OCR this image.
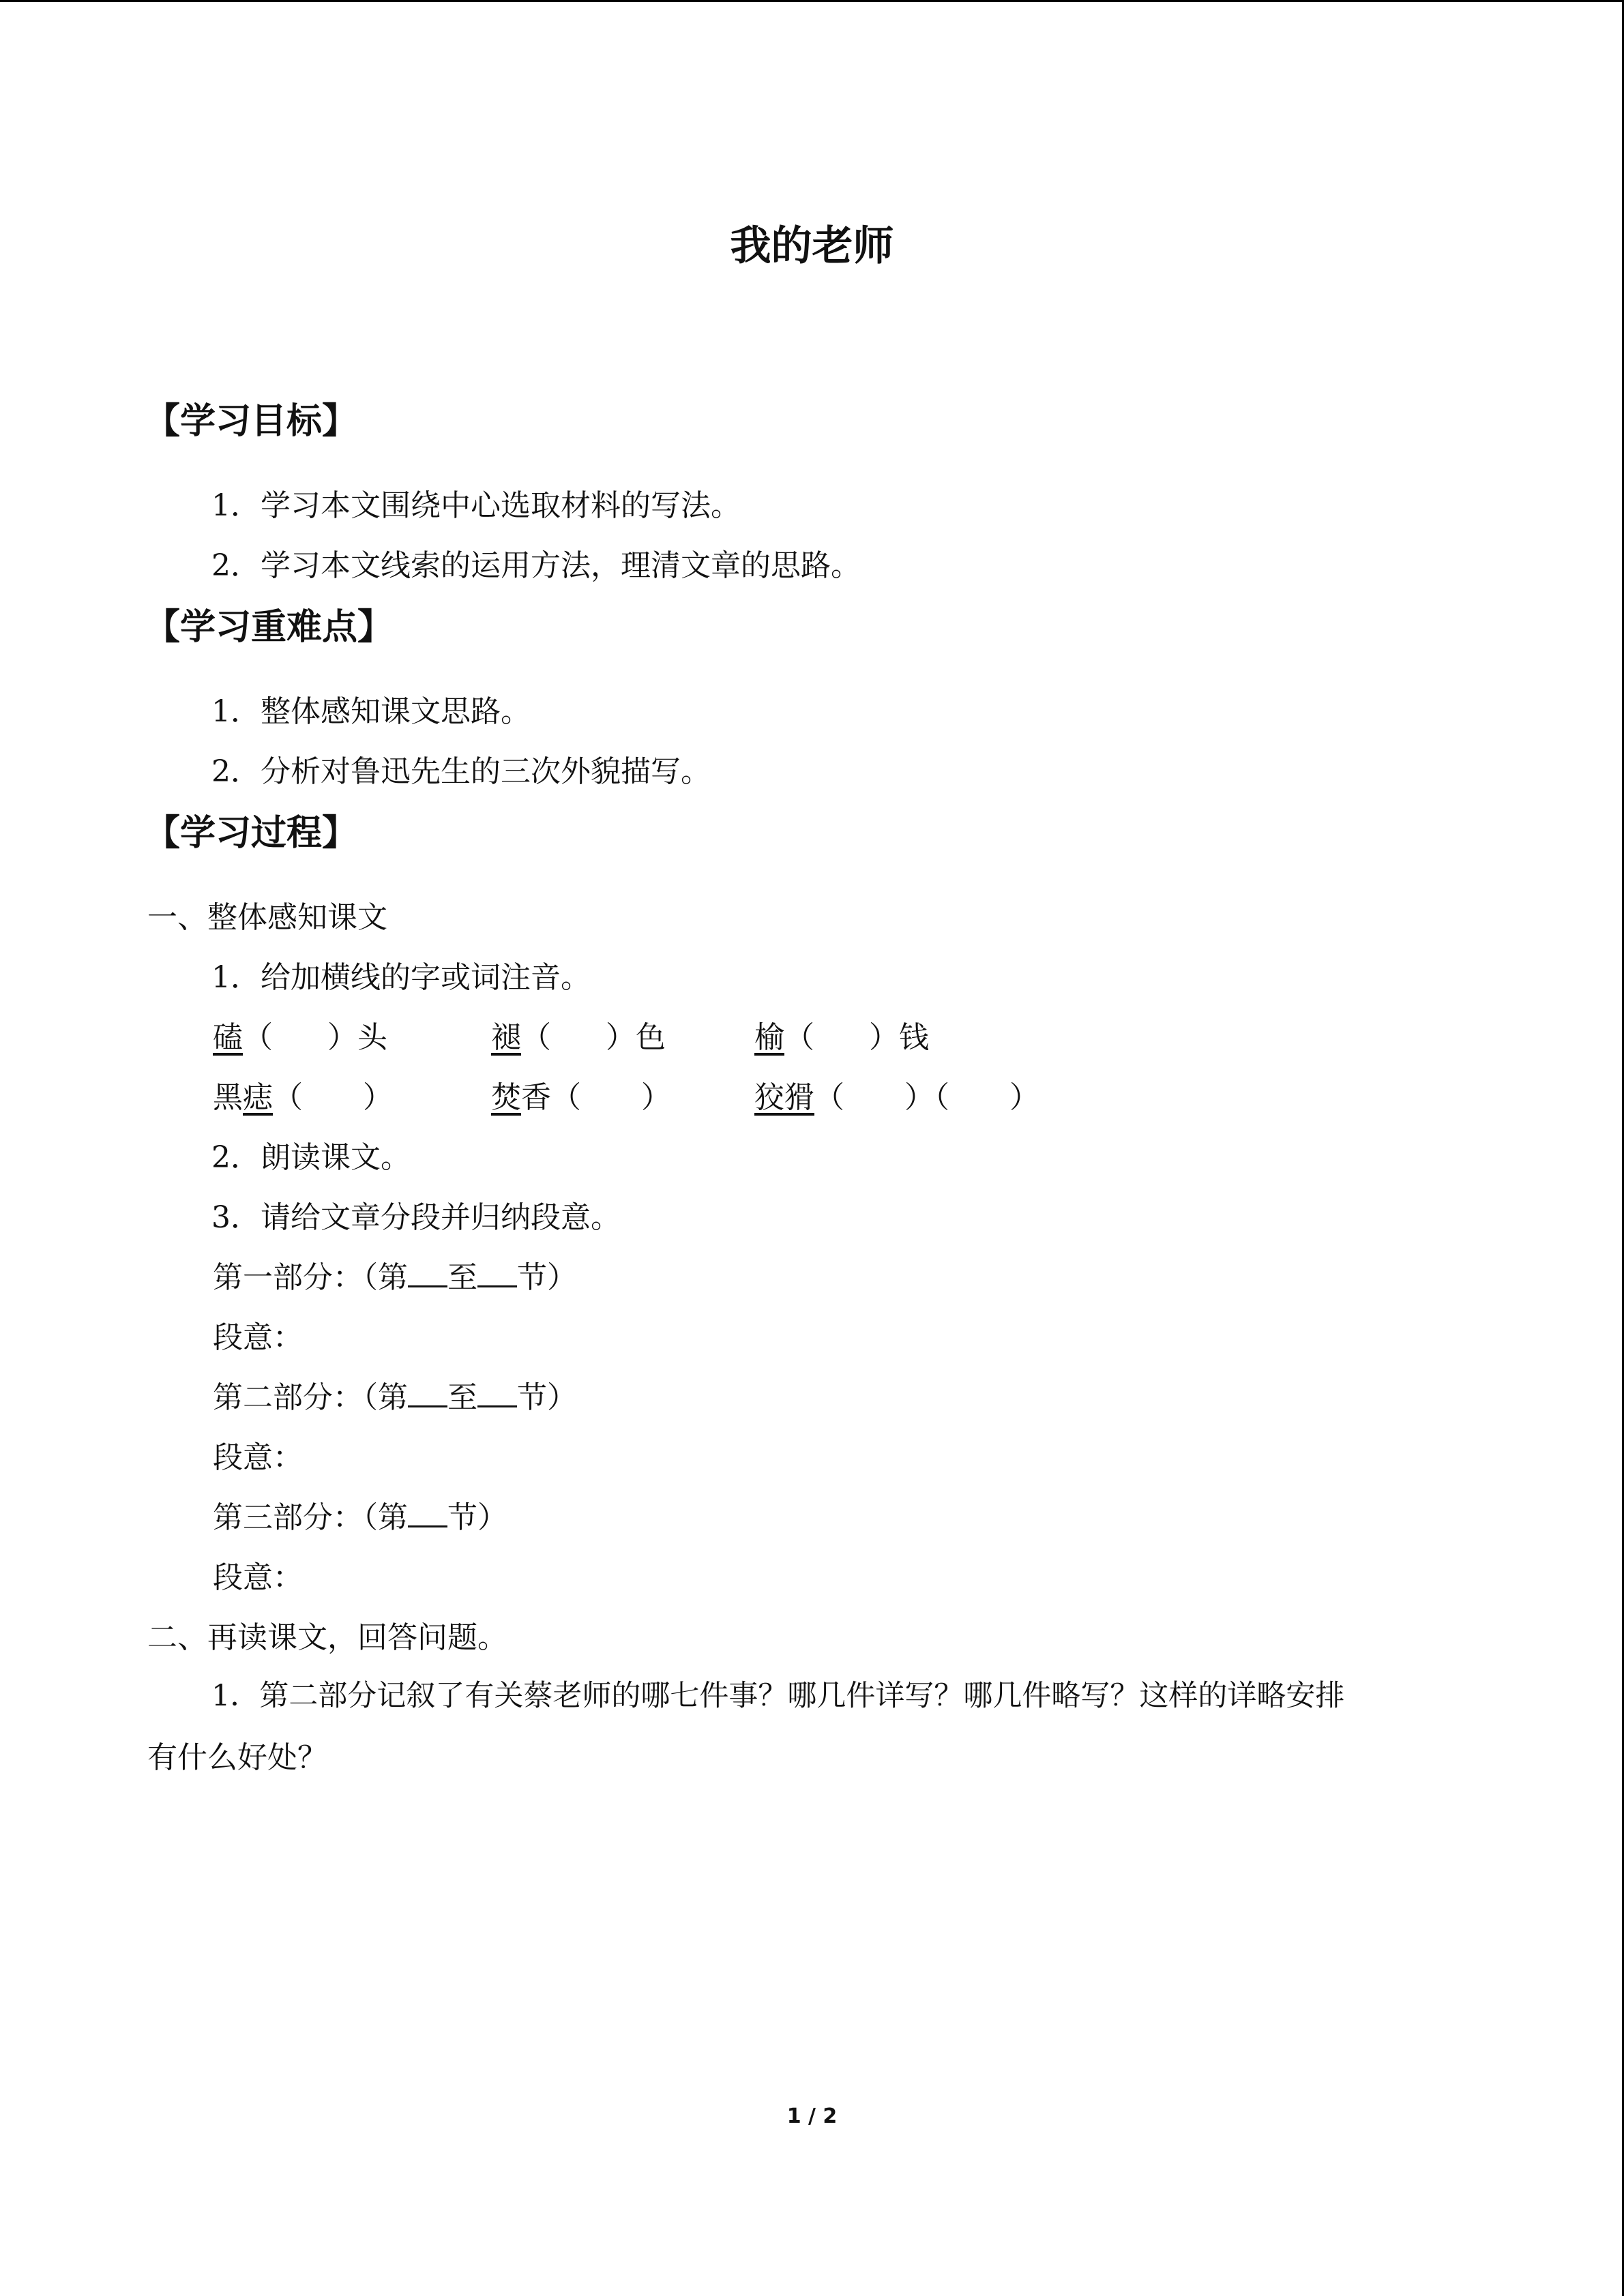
我的老师
【学习目标】
1．学习本文围绕中心选取材料的写法。
2．学习本文线索的运用方法，理清文章的思路。
【学习重难点】
1．整体感知课文思路。
2．分析对鲁迅先生的三次外貌描写。
【学习过程】
一、整体感知课文
1．给加横线的字或词注音。
磕（ ）头	褪（ ）色	榆（ ）钱
黑痣（　　）	焚香（　　）	狡猾（　　）（　　）
2．朗读课文。
3．请给文章分段并归纳段意。
第一部分：（第 至 节）
段意：
第二部分：（第 至 节）
段意：
第三部分：（第 节）
段意：
二、再读课文，回答问题。
1．第二部分记叙了有关蔡老师的哪七件事？哪几件详写？哪几件略写？这样的详略安排
有什么好处？
1 / 2
